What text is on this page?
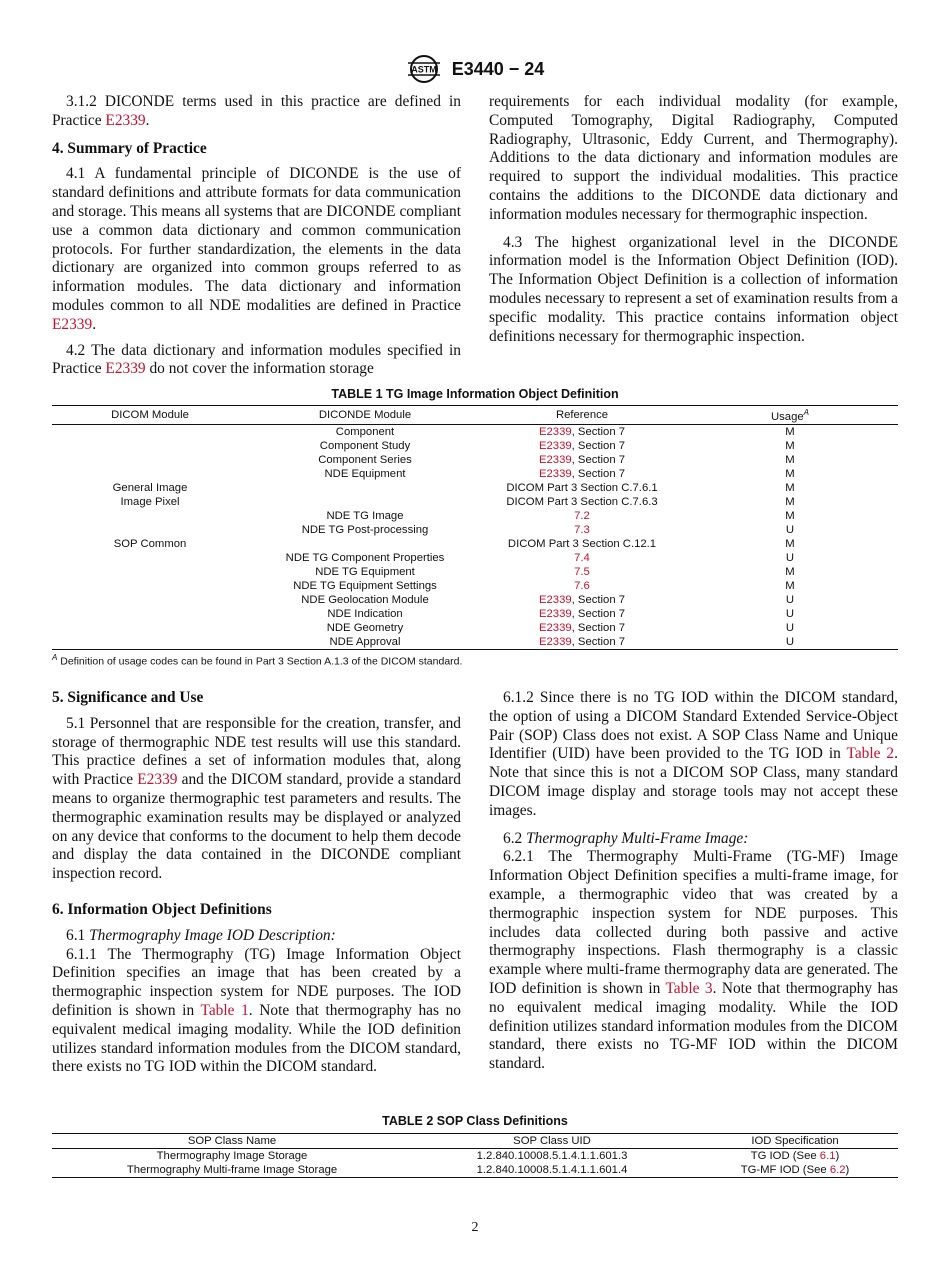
ASTM E3440 − 24

3.1.2 DICONDE terms used in this practice are defined in Practice E2339.

4. Summary of Practice

4.1 A fundamental principle of DICONDE is the use of standard definitions and attribute formats for data communication and storage. This means all systems that are DICONDE compliant use a common data dictionary and common communication protocols. For further standardization, the elements in the data dictionary are organized into common groups referred to as information modules. The data dictionary and information modules common to all NDE modalities are defined in Practice E2339.

4.2 The data dictionary and information modules specified in Practice E2339 do not cover the information storage

requirements for each individual modality (for example, Computed Tomography, Digital Radiography, Computed Radiography, Ultrasonic, Eddy Current, and Thermography). Additions to the data dictionary and information modules are required to support the individual modalities. This practice contains the additions to the DICONDE data dictionary and information modules necessary for thermographic inspection.

4.3 The highest organizational level in the DICONDE information model is the Information Object Definition (IOD). The Information Object Definition is a collection of information modules necessary to represent a set of examination results from a specific modality. This practice contains information object definitions necessary for thermographic inspection.

TABLE 1 TG Image Information Object Definition
DICOM Module	DICONDE Module	Reference	Usage$^A$
	Component	E2339, Section 7	M
	Component Study	E2339, Section 7	M
	Component Series	E2339, Section 7	M
	NDE Equipment	E2339, Section 7	M
General Image		DICOM Part 3 Section C.7.6.1	M
Image Pixel		DICOM Part 3 Section C.7.6.3	M
	NDE TG Image	7.2	M
	NDE TG Post-processing	7.3	U
SOP Common		DICOM Part 3 Section C.12.1	M
	NDE TG Component Properties	7.4	U
	NDE TG Equipment	7.5	M
	NDE TG Equipment Settings	7.6	M
	NDE Geolocation Module	E2339, Section 7	U
	NDE Indication	E2339, Section 7	U
	NDE Geometry	E2339, Section 7	U
	NDE Approval	E2339, Section 7	U
$^A$ Definition of usage codes can be found in Part 3 Section A.1.3 of the DICOM standard.
5. Significance and Use

5.1 Personnel that are responsible for the creation, transfer, and storage of thermographic NDE test results will use this standard. This practice defines a set of information modules that, along with Practice E2339 and the DICOM standard, provide a standard means to organize thermographic test parameters and results. The thermographic examination results may be displayed or analyzed on any device that conforms to the document to help them decode and display the data contained in the DICONDE compliant inspection record.

6. Information Object Definitions

6.1 Thermography Image IOD Description:

6.1.1 The Thermography (TG) Image Information Object Definition specifies an image that has been created by a thermographic inspection system for NDE purposes. The IOD definition is shown in Table 1. Note that thermography has no equivalent medical imaging modality. While the IOD definition utilizes standard information modules from the DICOM standard, there exists no TG IOD within the DICOM standard.

6.1.2 Since there is no TG IOD within the DICOM standard, the option of using a DICOM Standard Extended Service-Object Pair (SOP) Class does not exist. A SOP Class Name and Unique Identifier (UID) have been provided to the TG IOD in Table 2. Note that since this is not a DICOM SOP Class, many standard DICOM image display and storage tools may not accept these images.

6.2 Thermography Multi-Frame Image:

6.2.1 The Thermography Multi-Frame (TG-MF) Image Information Object Definition specifies a multi-frame image, for example, a thermographic video that was created by a thermographic inspection system for NDE purposes. This includes data collected during both passive and active thermography inspections. Flash thermography is a classic example where multi-frame thermography data are generated. The IOD definition is shown in Table 3. Note that thermography has no equivalent medical imaging modality. While the IOD definition utilizes standard information modules from the DICOM standard, there exists no TG-MF IOD within the DICOM standard.

TABLE 2 SOP Class Definitions
SOP Class Name	SOP Class UID	IOD Specification
Thermography Image Storage	1.2.840.10008.5.1.4.1.1.601.3	TG IOD (See 6.1)
Thermography Multi-frame Image Storage	1.2.840.10008.5.1.4.1.1.601.4	TG-MF IOD (See 6.2)
2
